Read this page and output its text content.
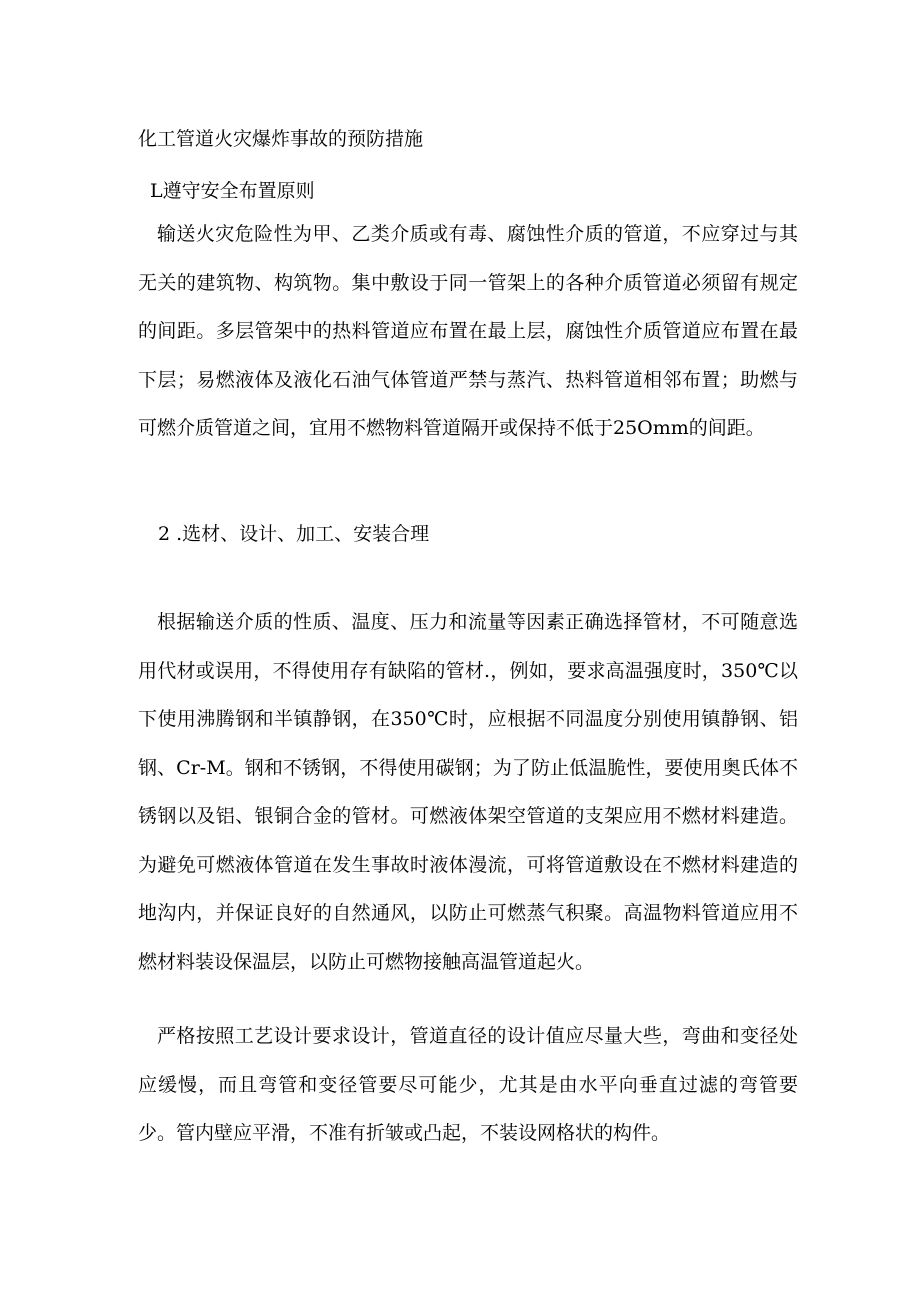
化工管道火灾爆炸事故的预防措施
L遵守安全布置原则

输送火灾危险性为甲、乙类介质或有毒、腐蚀性介质的管道，不应穿过与其无关的建筑物、构筑物。集中敷设于同一管架上的各种介质管道必须留有规定的间距。多层管架中的热料管道应布置在最上层，腐蚀性介质管道应布置在最下层；易燃液体及液化石油气体管道严禁与蒸汽、热料管道相邻布置；助燃与可燃介质管道之间，宜用不燃物料管道隔开或保持不低于25Omm的间距。

2 .选材、设计、加工、安装合理

根据输送介质的性质、温度、压力和流量等因素正确选择管材，不可随意选用代材或误用，不得使用存有缺陷的管材.，例如，要求高温强度时，350℃以下使用沸腾钢和半镇静钢，在350℃时，应根据不同温度分别使用镇静钢、铝钢、Cr-M。钢和不锈钢，不得使用碳钢；为了防止低温脆性，要使用奥氏体不锈钢以及铝、银铜合金的管材。可燃液体架空管道的支架应用不燃材料建造。为避免可燃液体管道在发生事故时液体漫流，可将管道敷设在不燃材料建造的地沟内，并保证良好的自然通风，以防止可燃蒸气积聚。高温物料管道应用不燃材料装设保温层，以防止可燃物接触高温管道起火。

严格按照工艺设计要求设计，管道直径的设计值应尽量大些，弯曲和变径处应缓慢，而且弯管和变径管要尽可能少，尤其是由水平向垂直过滤的弯管要少。管内壁应平滑，不准有折皱或凸起，不装设网格状的构件。
